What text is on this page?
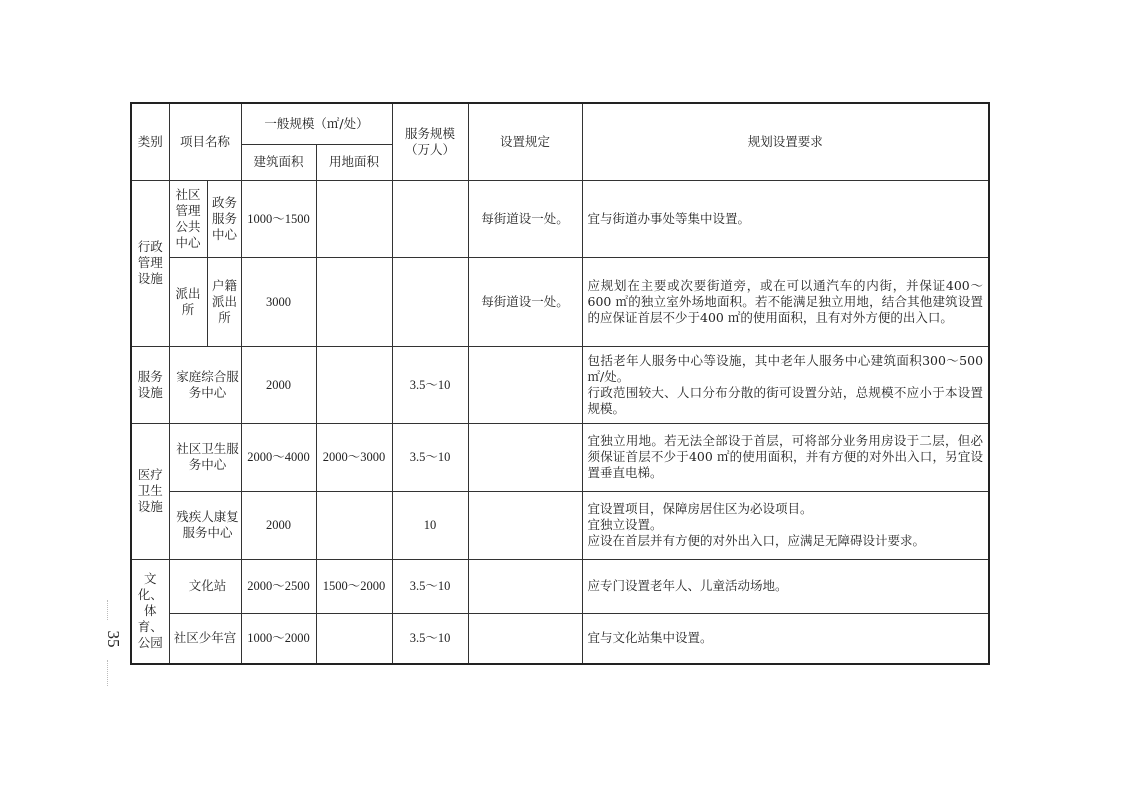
35
类别	项目名称		一般规模（㎡/处）		服务规模
（万人）	设置规定	规划设置要求
			建筑面积	用地面积			
行政管理设施	社区管理公共中心	政务服务中心	1000～1500			每街道设一处。	宜与街道办事处等集中设置。

	派出所	户籍派出所	3000			每街道设一处。	应规划在主要或次要街道旁，或在可以通汽车的内街，并保证400～600 ㎡的独立室外场地面积。若不能满足独立用地，结合其他建筑设置的应保证首层不少于400 ㎡的使用面积，且有对外方便的出入口。

服务设施	家庭综合服务中心		2000		3.5～10		包括老年人服务中心等设施，其中老年人服务中心建筑面积300～500 ㎡/处。
行政范围较大、人口分布分散的街可设置分站，总规模不应小于本设置规模。

医疗卫生设施	社区卫生服务中心		2000～4000	2000～3000	3.5～10		宜独立用地。若无法全部设于首层，可将部分业务用房设于二层，但必须保证首层不少于400 ㎡的使用面积，并有方便的对外出入口，另宜设置垂直电梯。

	残疾人康复服务中心		2000		10		宜设置项目，保障房居住区为必设项目。
宜独立设置。
应设在首层并有方便的对外出入口，应满足无障碍设计要求。

文化、体育、公园	文化站		2000～2500	1500～2000	3.5～10		应专门设置老年人、儿童活动场地。

	社区少年宫		1000～2000		3.5～10		宜与文化站集中设置。
